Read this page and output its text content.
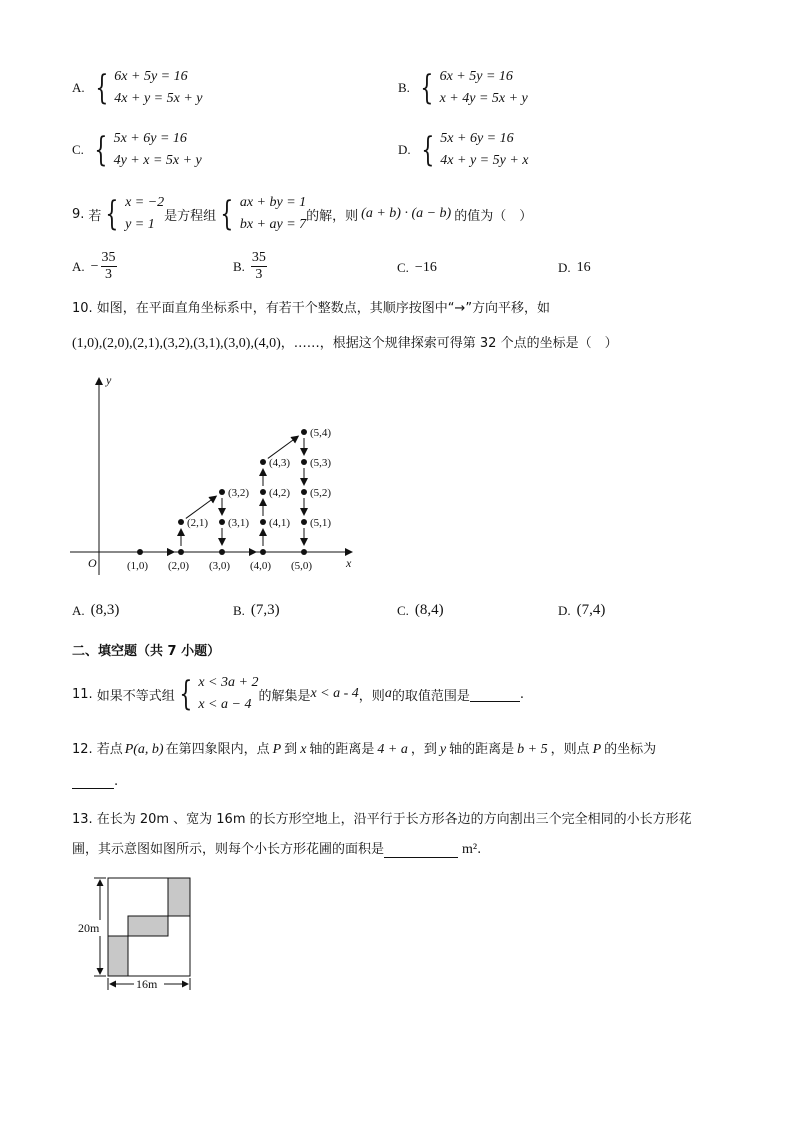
A. { 6x + 5y = 16
4x + y = 5x + y
B. { 6x + 5y = 16
x + 4y = 5x + y
C. { 5x + 6y = 16
4y + x = 5x + y
D. { 5x + 6y = 16
4x + y = 5y + x
9. 若 { x = −2
y = 1
是方程组 { ax + by = 1
bx + ay = 7
的解，则 (a + b) · (a − b) 的值为（　）
A. − $\frac{35}{3}$	B. $\frac{35}{3}$	C. −16	D. 16
10. 如图，在平面直角坐标系中，有若干个整数点，其顺序按图中“→”方向平移，如
(1,0),(2,0),(2,1),(3,2),(3,1),(3,0),(4,0)，……，根据这个规律探索可得第 32 个点的坐标是（　）
y
x
O	(1,0) (2,0)
(2,1)
(3,2)
(3,1)
(3,0) (4,0)
(4,1)
(4,2)
(4,3)
(5,4)
(5,3)
(5,2)
(5,1)
(5,0)
A. (8,3)	B. (7,3)	C. (8,4)	D. (7,4)
二、填空题（共 7 小题）
11. 如果不等式组 { x < 3a + 2
x < a − 4
的解集是 x < a - 4 ，则 a 的取值范围是	.
12. 若点 P(a, b) 在第四象限内，点 P 到 x 轴的距离是 4 + a ，到 y 轴的距离是 b + 5 ，则点 P 的坐标为
.
13. 在长为 20m 、宽为 16m 的长方形空地上，沿平行于长方形各边的方向割出三个完全相同的小长方形花
圃，其示意图如图所示，则每个小长方形花圃的面积是	m².
20m
16m
